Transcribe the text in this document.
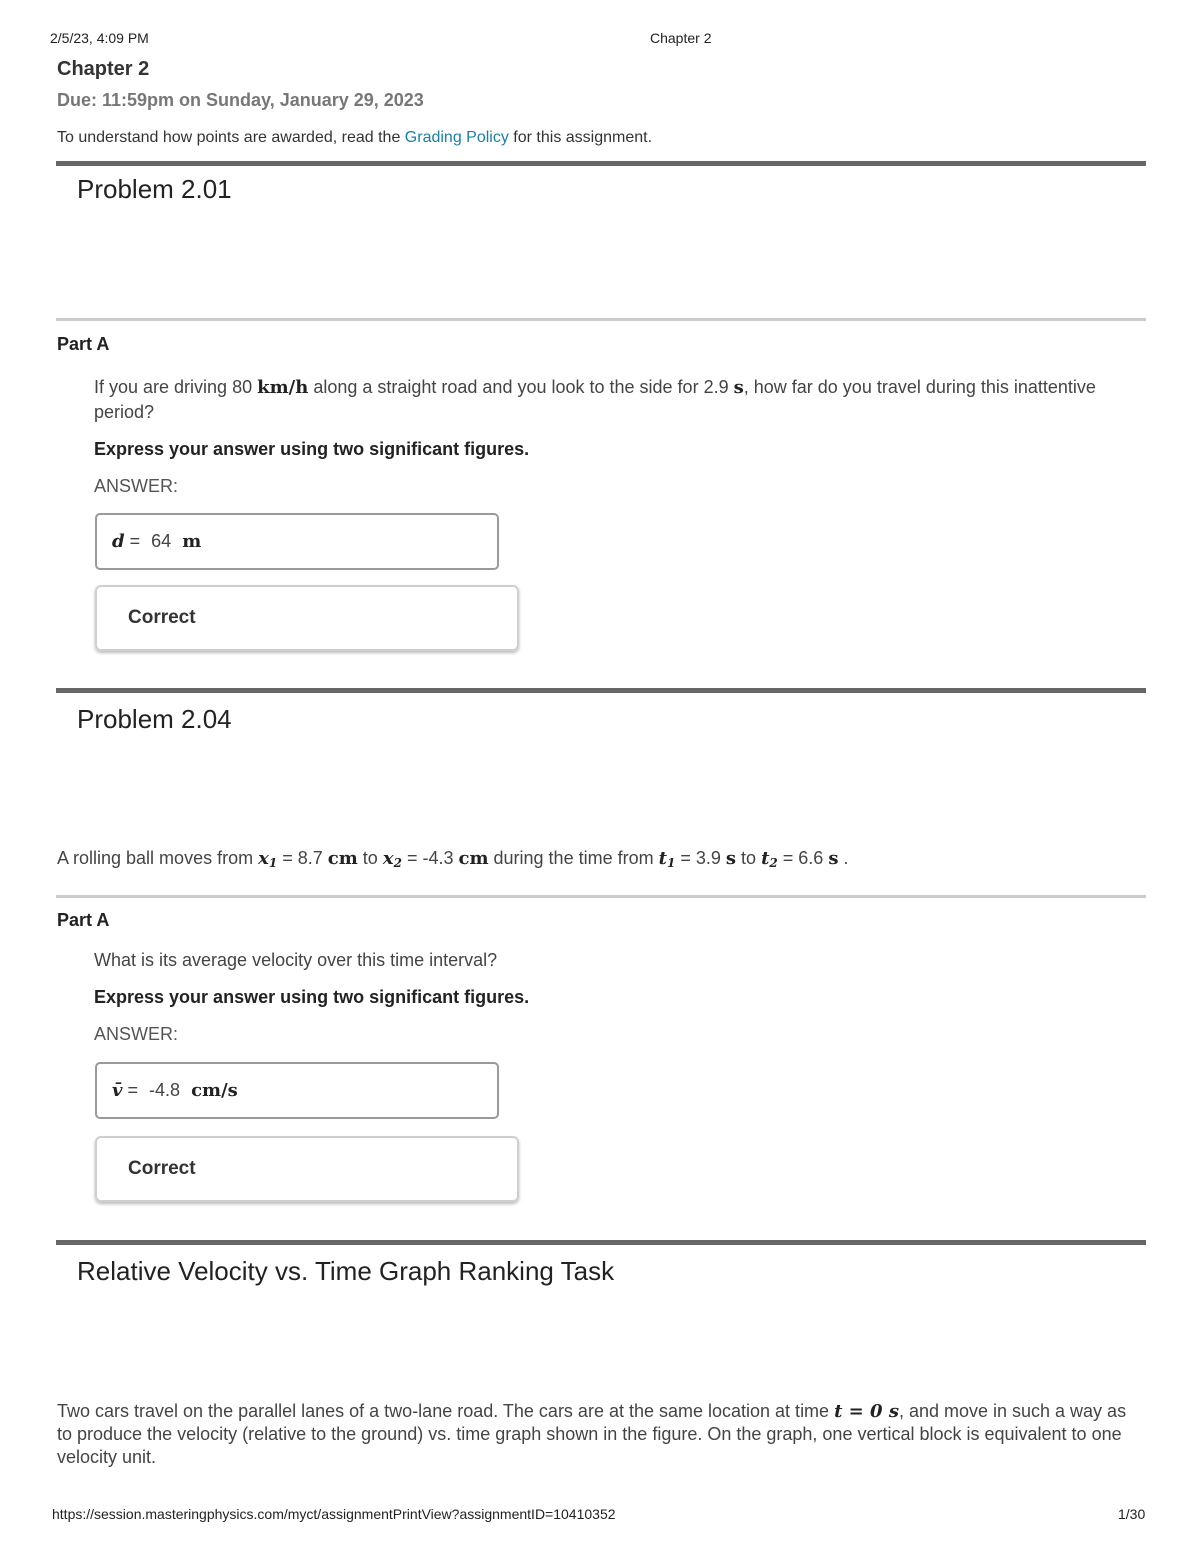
2/5/23, 4:09 PM	Chapter 2
Chapter 2
Due: 11:59pm on Sunday, January 29, 2023
To understand how points are awarded, read the Grading Policy for this assignment.
Problem 2.01
Part A
If you are driving 80 km/h along a straight road and you look to the side for 2.9 s, how far do you travel during this inattentive period?
Express your answer using two significant figures.
ANSWER:
d = 64 m
Correct
Problem 2.04
A rolling ball moves from $x_1 = 8.7$ cm to $x_2 = -4.3$ cm during the time from $t_1 = 3.9$ s to $t_2 = 6.6$ s .
Part A
What is its average velocity over this time interval?
Express your answer using two significant figures.
ANSWER:
v̄ = -4.8 cm/s
Correct
Relative Velocity vs. Time Graph Ranking Task
Two cars travel on the parallel lanes of a two-lane road. The cars are at the same location at time t = 0 s, and move in such a way as to produce the velocity (relative to the ground) vs. time graph shown in the figure. On the graph, one vertical block is equivalent to one velocity unit.
https://session.masteringphysics.com/myct/assignmentPrintView?assignmentID=10410352	1/30
